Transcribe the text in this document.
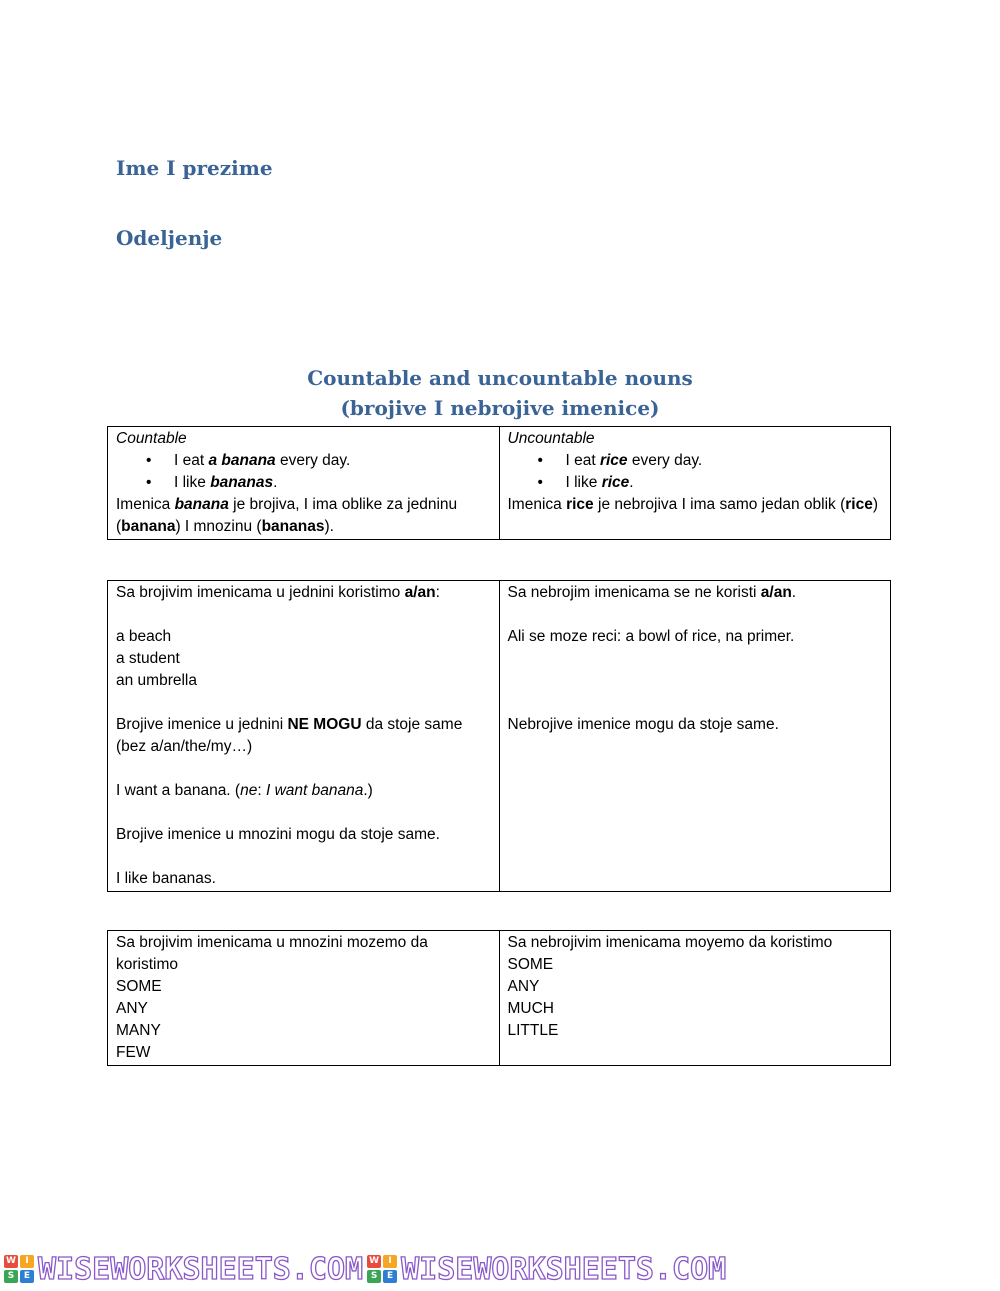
Ime I prezime
Odeljenje
Countable and uncountable nouns
(brojive I nebrojive imenice)
Countable
• I eat a banana every day.
• I like bananas.
Imenica banana je brojiva, I ima oblike za jedninu (banana) I mnozinu (bananas).

Uncountable
• I eat rice every day.
• I like rice.
Imenica rice je nebrojiva I ima samo jedan oblik (rice)
Sa brojivim imenicama u jednini koristimo a/an:
a beach
a student
an umbrella
Brojive imenice u jednini NE MOGU da stoje same (bez a/an/the/my…)
I want a banana. (ne: I want banana.)
Brojive imenice u mnozini mogu da stoje same.
I like bananas.

Sa nebrojim imenicama se ne koristi a/an.
Ali se moze reci: a bowl of rice, na primer.
Nebrojive imenice mogu da stoje same.
Sa brojivim imenicama u mnozini mozemo da koristimo
SOME
ANY
MANY
FEW

Sa nebrojivim imenicama moyemo da koristimo
SOME
ANY
MUCH
LITTLE
W	I
S	E WISEWORKSHEETS.COM W	I
S	E WISEWORKSHEETS.COM
